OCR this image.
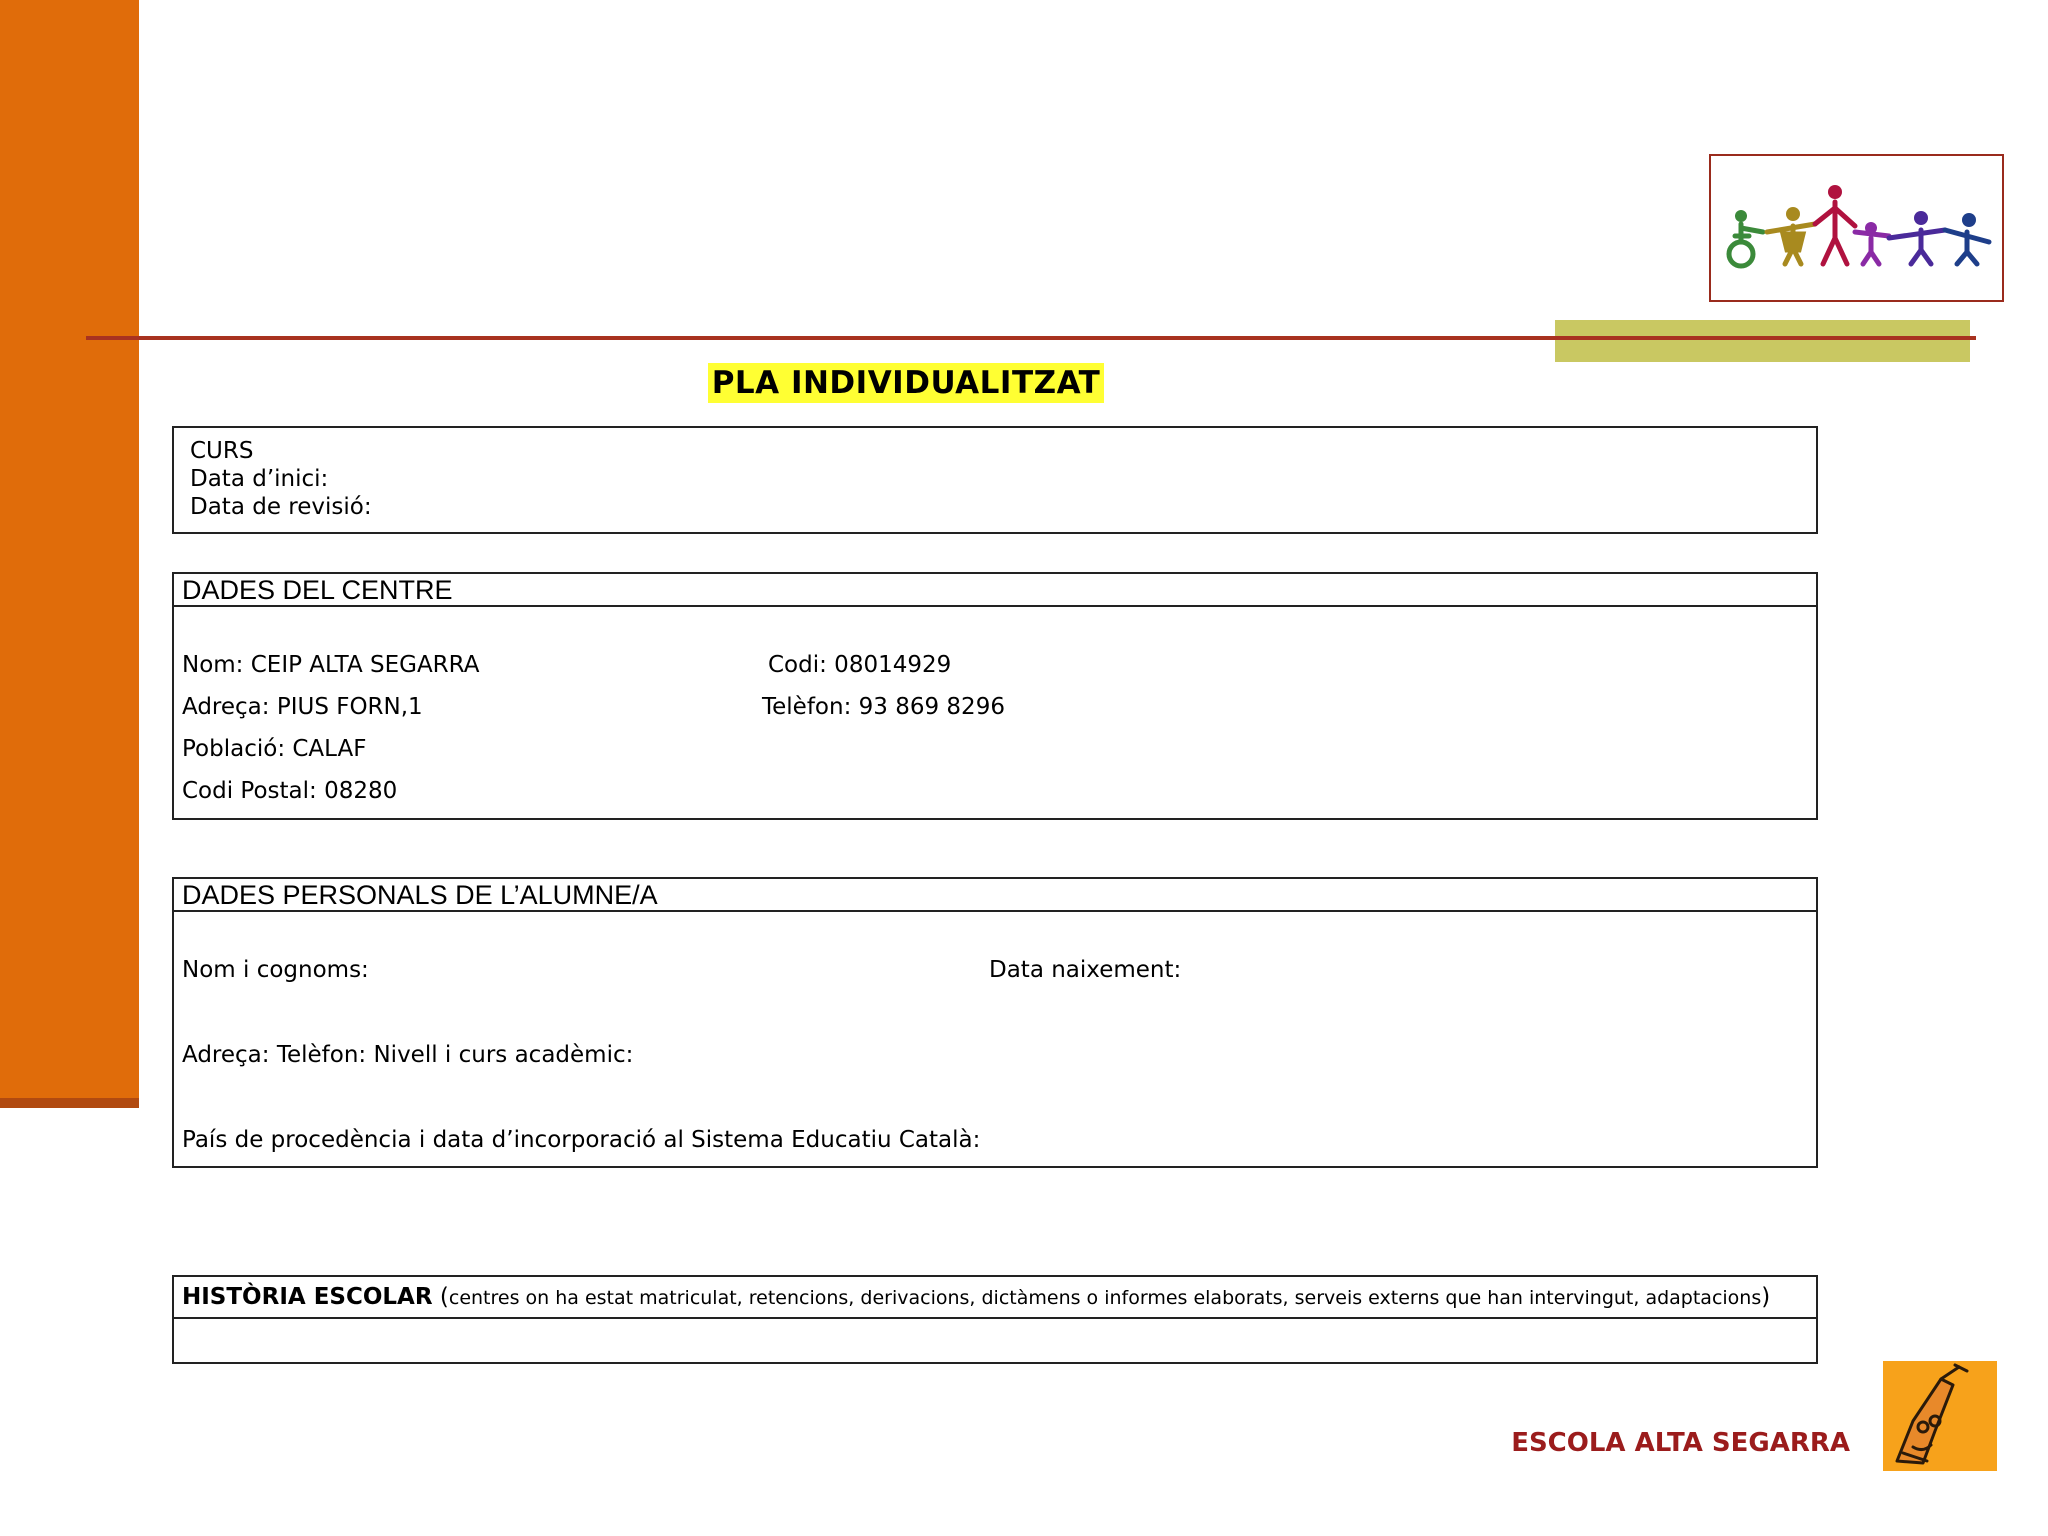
PLA INDIVIDUALITZAT
CURS
Data d’inici:
Data de revisió:
DADES DEL CENTRE
Nom: CEIP ALTA SEGARRA	Codi: 08014929
Adreça: PIUS FORN,1	Telèfon: 93 869 8296
Població: CALAF
Codi Postal: 08280
DADES PERSONALS DE L’ALUMNE/A
Nom i cognoms:	Data naixement:
Adreça: Telèfon: Nivell i curs acadèmic:
País de procedència i data d’incorporació al Sistema Educatiu Català:
HISTÒRIA ESCOLAR (centres on ha estat matriculat, retencions, derivacions, dictàmens o informes elaborats, serveis externs que han intervingut, adaptacions)
ESCOLA ALTA SEGARRA
